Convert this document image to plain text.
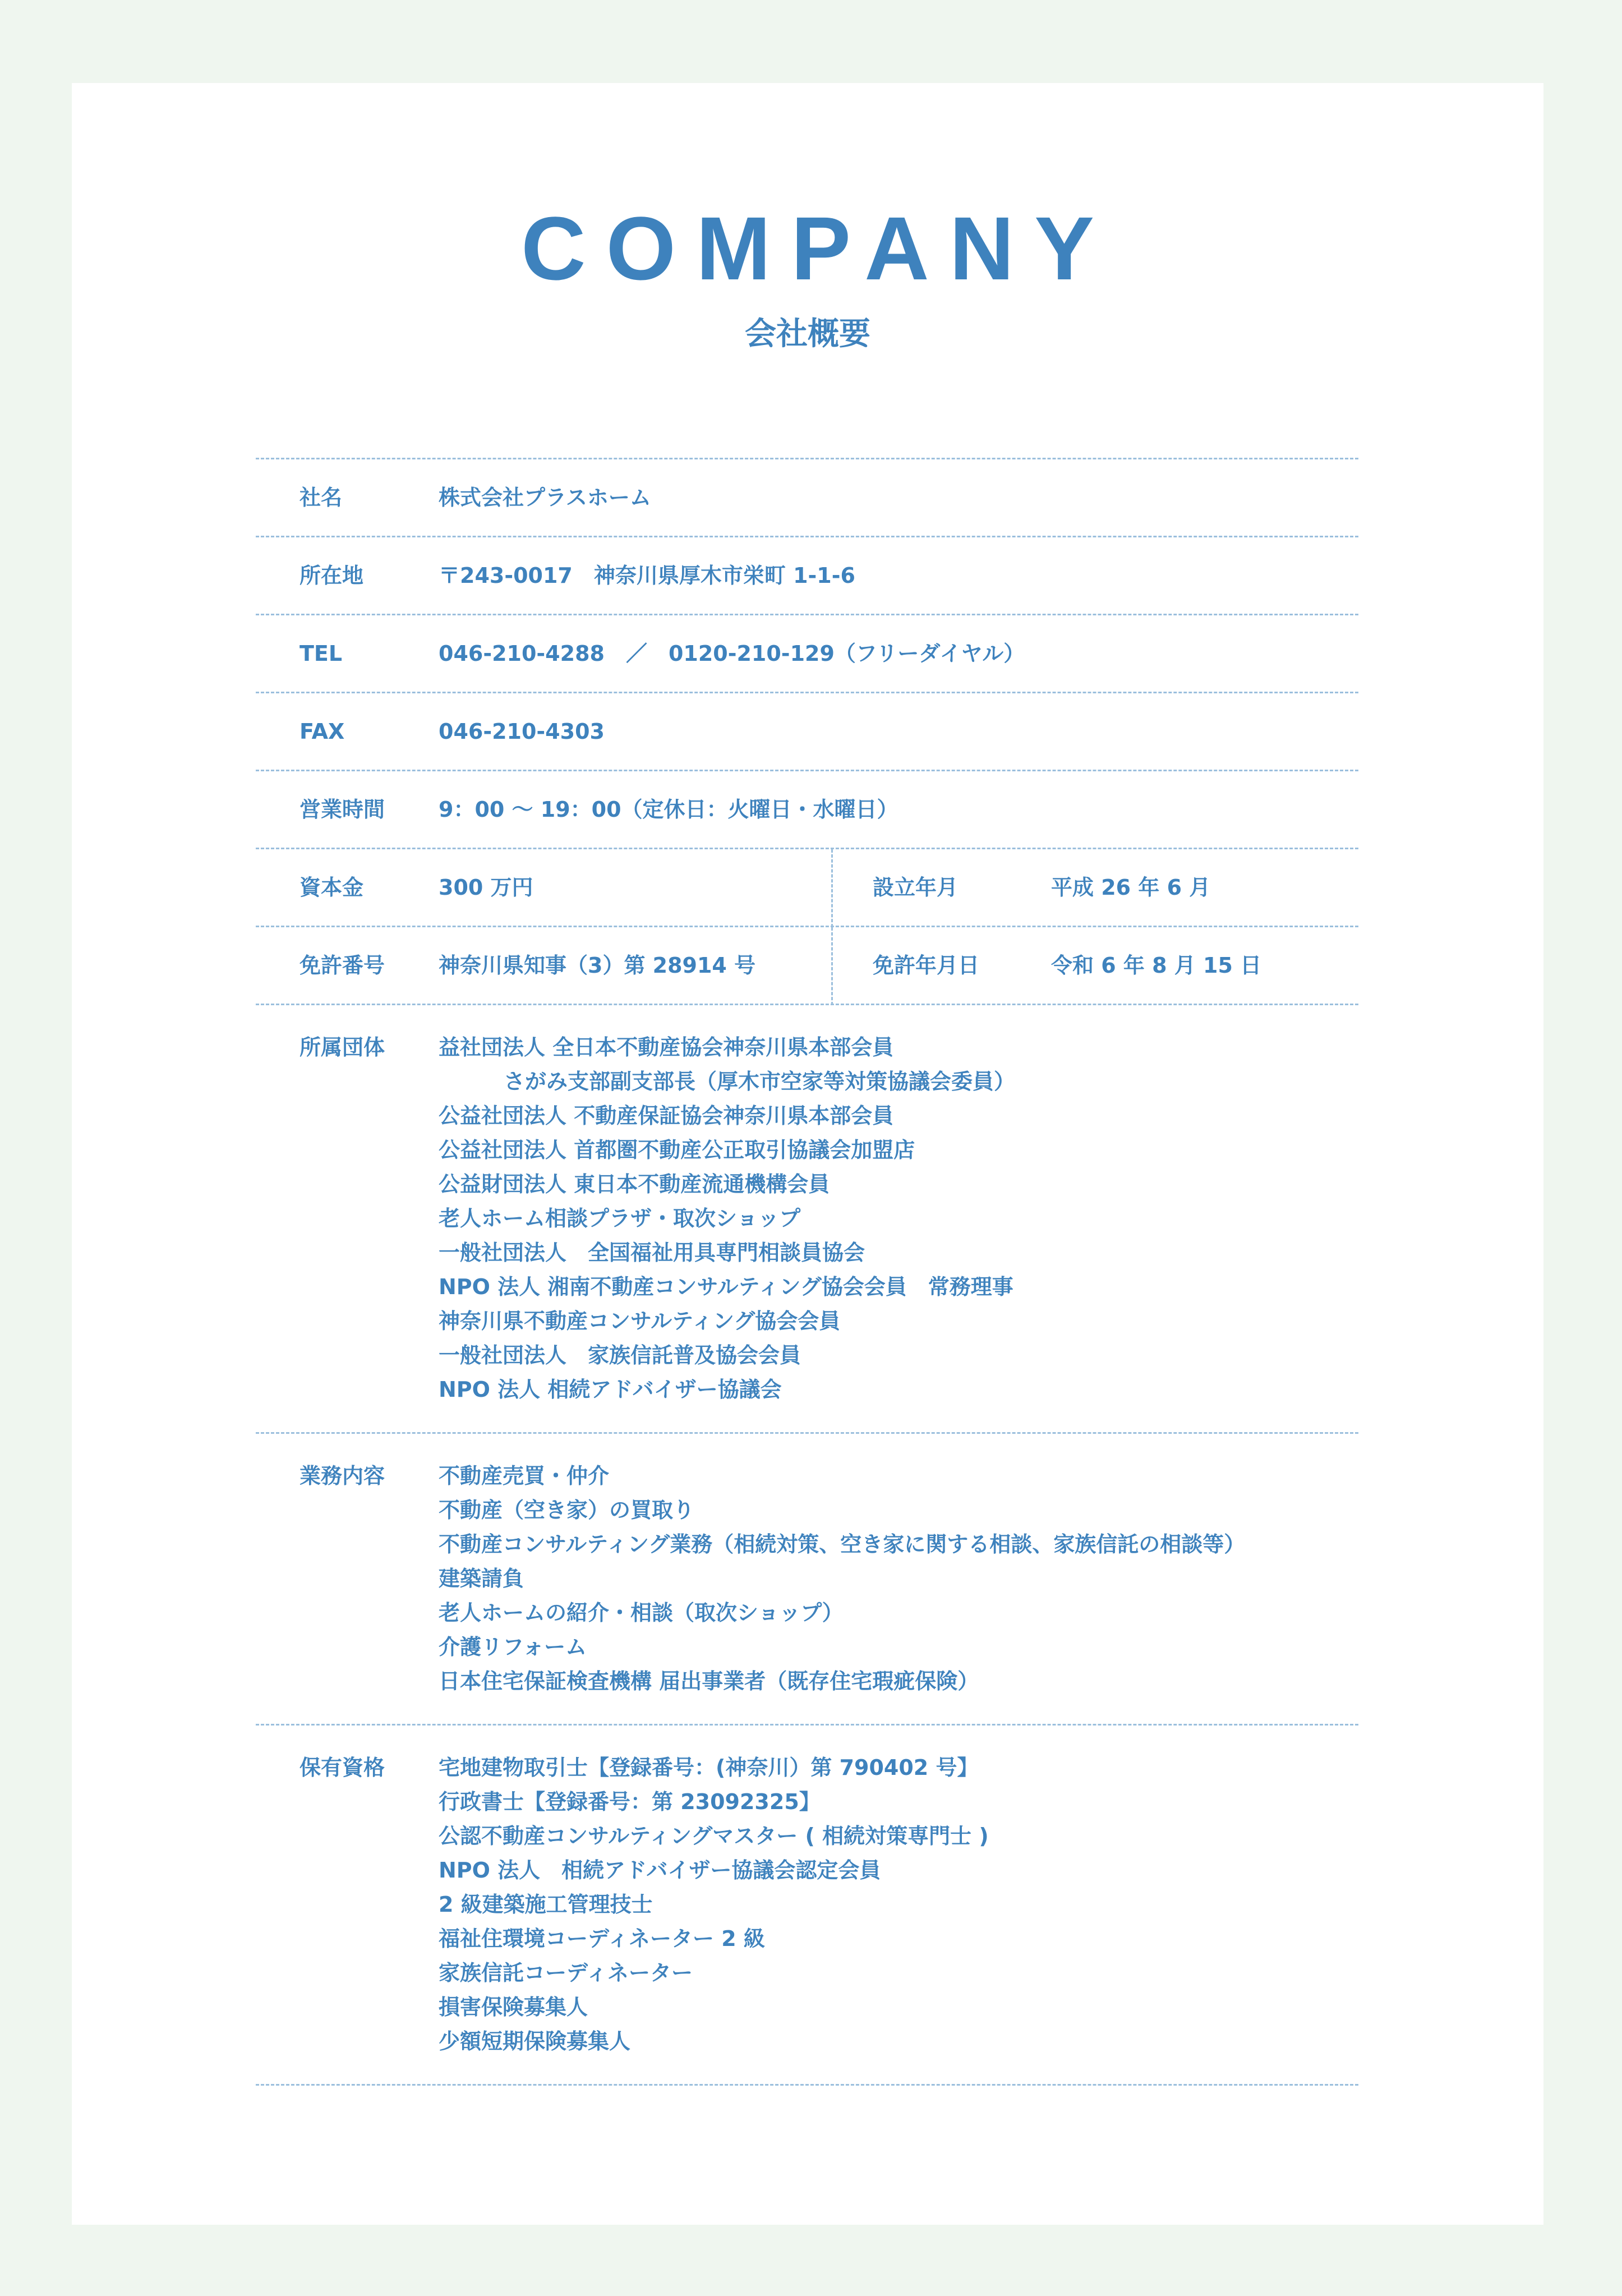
COMPANY
会社概要
社名	株式会社プラスホーム
所在地	〒243-0017　神奈川県厚木市栄町 1-1-6
TEL	046-210-4288　／　0120-210-129（フリーダイヤル）
FAX	046-210-4303
営業時間	9：00 ～ 19：00（定休日：火曜日・水曜日）
資本金	300 万円	設立年月	平成 26 年 6 月
免許番号	神奈川県知事（3）第 28914 号	免許年月日	令和 6 年 8 月 15 日
所属団体	益社団法人 全日本不動産協会神奈川県本部会員
さがみ支部副支部長（厚木市空家等対策協議会委員）
公益社団法人 不動産保証協会神奈川県本部会員
公益社団法人 首都圏不動産公正取引協議会加盟店
公益財団法人 東日本不動産流通機構会員
老人ホーム相談プラザ・取次ショップ
一般社団法人　全国福祉用具専門相談員協会
NPO 法人 湘南不動産コンサルティング協会会員　常務理事
神奈川県不動産コンサルティング協会会員
一般社団法人　家族信託普及協会会員
NPO 法人 相続アドバイザー協議会
業務内容	不動産売買・仲介
不動産（空き家）の買取り
不動産コンサルティング業務（相続対策、空き家に関する相談、家族信託の相談等）
建築請負
老人ホームの紹介・相談（取次ショップ）
介護リフォーム
日本住宅保証検査機構 届出事業者（既存住宅瑕疵保険）
保有資格	宅地建物取引士【登録番号：(神奈川）第 790402 号】
行政書士【登録番号：第 23092325】
公認不動産コンサルティングマスター ( 相続対策専門士 )
NPO 法人　相続アドバイザー協議会認定会員
2 級建築施工管理技士
福祉住環境コーディネーター 2 級
家族信託コーディネーター
損害保険募集人
少額短期保険募集人
